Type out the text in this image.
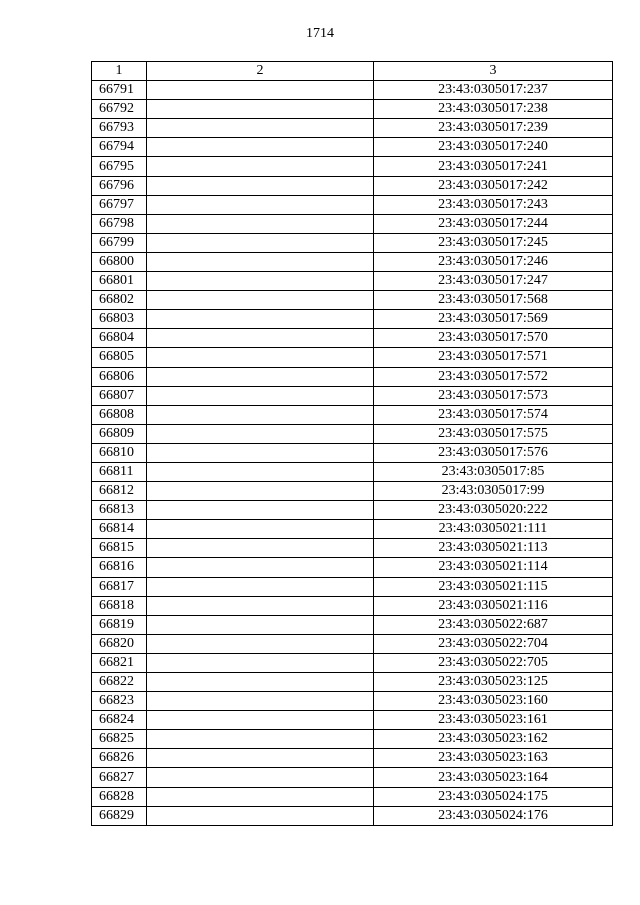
1714
1	2	3
66791		23:43:0305017:237
66792		23:43:0305017:238
66793		23:43:0305017:239
66794		23:43:0305017:240
66795		23:43:0305017:241
66796		23:43:0305017:242
66797		23:43:0305017:243
66798		23:43:0305017:244
66799		23:43:0305017:245
66800		23:43:0305017:246
66801		23:43:0305017:247
66802		23:43:0305017:568
66803		23:43:0305017:569
66804		23:43:0305017:570
66805		23:43:0305017:571
66806		23:43:0305017:572
66807		23:43:0305017:573
66808		23:43:0305017:574
66809		23:43:0305017:575
66810		23:43:0305017:576
66811		23:43:0305017:85
66812		23:43:0305017:99
66813		23:43:0305020:222
66814		23:43:0305021:111
66815		23:43:0305021:113
66816		23:43:0305021:114
66817		23:43:0305021:115
66818		23:43:0305021:116
66819		23:43:0305022:687
66820		23:43:0305022:704
66821		23:43:0305022:705
66822		23:43:0305023:125
66823		23:43:0305023:160
66824		23:43:0305023:161
66825		23:43:0305023:162
66826		23:43:0305023:163
66827		23:43:0305023:164
66828		23:43:0305024:175
66829		23:43:0305024:176
